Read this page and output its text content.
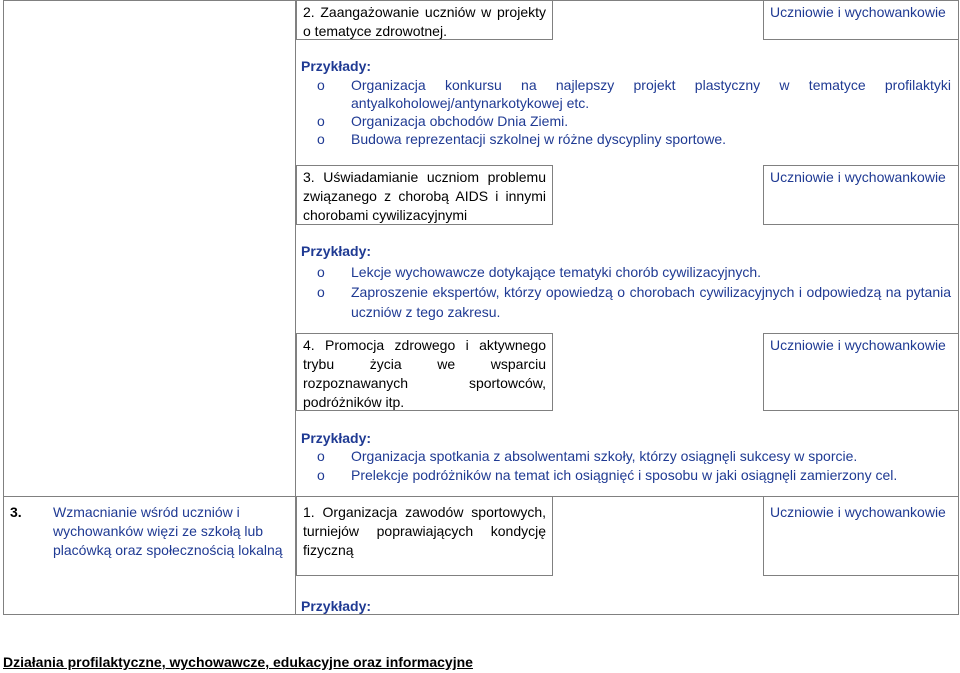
2. Zaangażowanie uczniów w projekty o tematyce zdrowotnej.
Uczniowie i wychowankowie
Przykłady:
o Organizacja konkursu na najlepszy projekt plastyczny w tematyce profilaktyki antyalkoholowej/antynarkotykowej etc.
o Organizacja obchodów Dnia Ziemi.
o Budowa reprezentacji szkolnej w różne dyscypliny sportowe.
3. Uświadamianie uczniom problemu związanego z chorobą AIDS i innymi chorobami cywilizacyjnymi
Uczniowie i wychowankowie
Przykłady:
o Lekcje wychowawcze dotykające tematyki chorób cywilizacyjnych.
o Zaproszenie ekspertów, którzy opowiedzą o chorobach cywilizacyjnych i odpowiedzą na pytania uczniów z tego zakresu.
4. Promocja zdrowego i aktywnego trybu życia we wsparciu rozpoznawanych sportowców, podróżników itp.
Uczniowie i wychowankowie
Przykłady:
o Organizacja spotkania z absolwentami szkoły, którzy osiągnęli sukcesy w sporcie.
o Prelekcje podróżników na temat ich osiągnięć i sposobu w jaki osiągnęli zamierzony cel.
3. Wzmacnianie wśród uczniów i wychowanków więzi ze szkołą lub placówką oraz społecznością lokalną
1. Organizacja zawodów sportowych, turniejów poprawiających kondycję fizyczną
Uczniowie i wychowankowie
Przykłady:
Działania profilaktyczne, wychowawcze, edukacyjne oraz informacyjne
